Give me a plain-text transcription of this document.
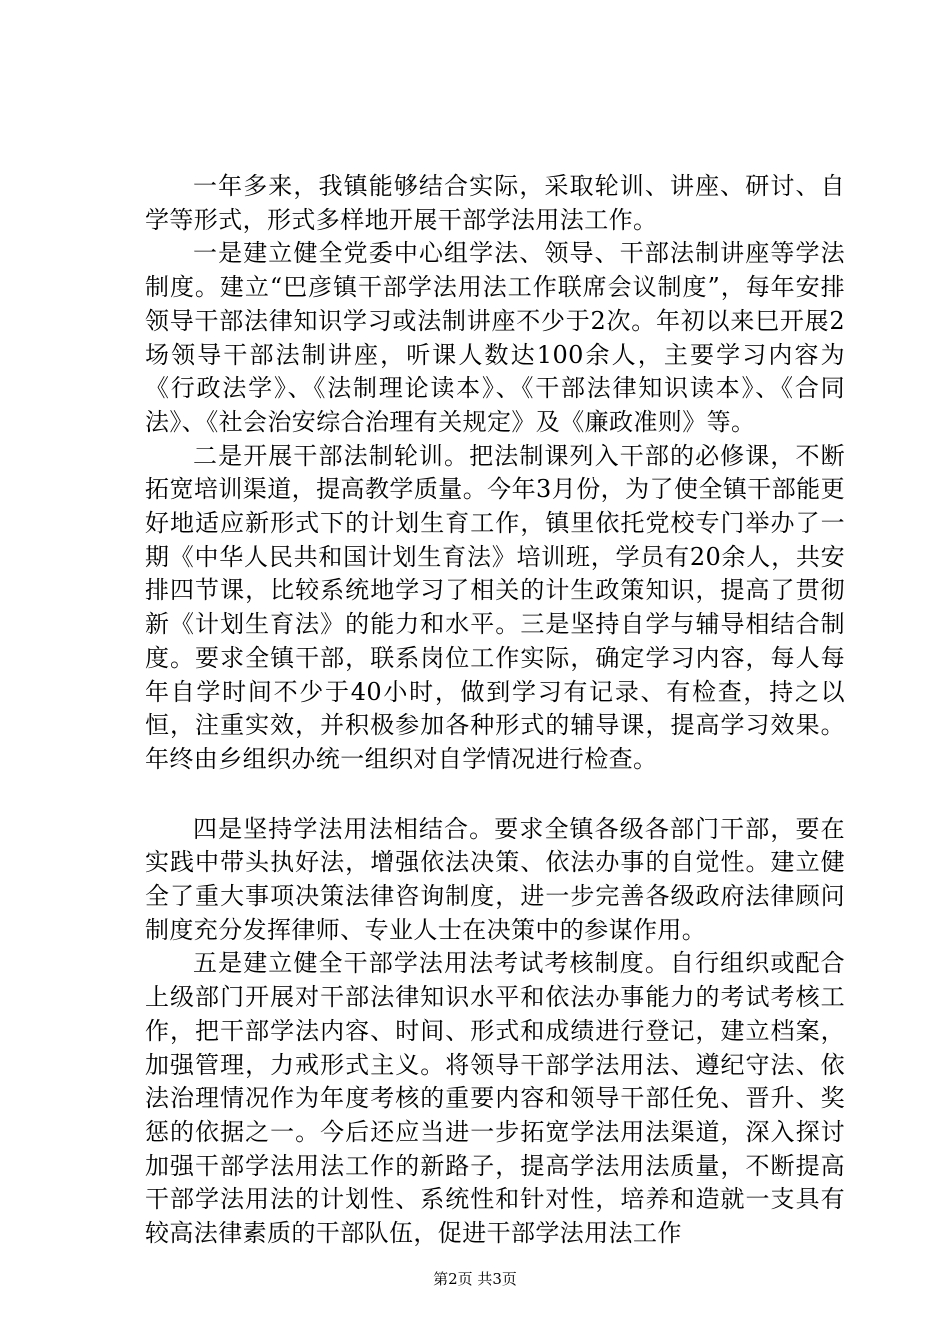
一年多来，我镇能够结合实际，采取轮训、讲座、研讨、自学等形式，形式多样地开展干部学法用法工作。

一是建立健全党委中心组学法、领导、干部法制讲座等学法制度。建立“巴彦镇干部学法用法工作联席会议制度”，每年安排领导干部法律知识学习或法制讲座不少于2次。年初以来巳开展2场领导干部法制讲座，听课人数达100余人，主要学习内容为《行政法学》、《法制理论读本》、《干部法律知识读本》、《合同法》、《社会治安综合治理有关规定》及《廉政准则》等。

二是开展干部法制轮训。把法制课列入干部的必修课，不断拓宽培训渠道，提高教学质量。今年3月份，为了使全镇干部能更好地适应新形式下的计划生育工作，镇里依托党校专门举办了一期《中华人民共和国计划生育法》培训班，学员有20余人，共安排四节课，比较系统地学习了相关的计生政策知识，提高了贯彻新《计划生育法》的能力和水平。三是坚持自学与辅导相结合制度。要求全镇干部，联系岗位工作实际，确定学习内容，每人每年自学时间不少于40小时，做到学习有记录、有检查，持之以恒，注重实效，并积极参加各种形式的辅导课，提高学习效果。年终由乡组织办统一组织对自学情况进行检查。

四是坚持学法用法相结合。要求全镇各级各部门干部，要在实践中带头执好法，增强依法决策、依法办事的自觉性。建立健全了重大事项决策法律咨询制度，进一步完善各级政府法律顾问制度充分发挥律师、专业人士在决策中的参谋作用。

五是建立健全干部学法用法考试考核制度。自行组织或配合上级部门开展对干部法律知识水平和依法办事能力的考试考核工作，把干部学法内容、时间、形式和成绩进行登记，建立档案，加强管理，力戒形式主义。将领导干部学法用法、遵纪守法、依法治理情况作为年度考核的重要内容和领导干部任免、晋升、奖惩的依据之一。今后还应当进一步拓宽学法用法渠道，深入探讨加强干部学法用法工作的新路子，提高学法用法质量，不断提高干部学法用法的计划性、系统性和针对性，培养和造就一支具有较高法律素质的干部队伍，促进干部学法用法工作

第2页 共3页
